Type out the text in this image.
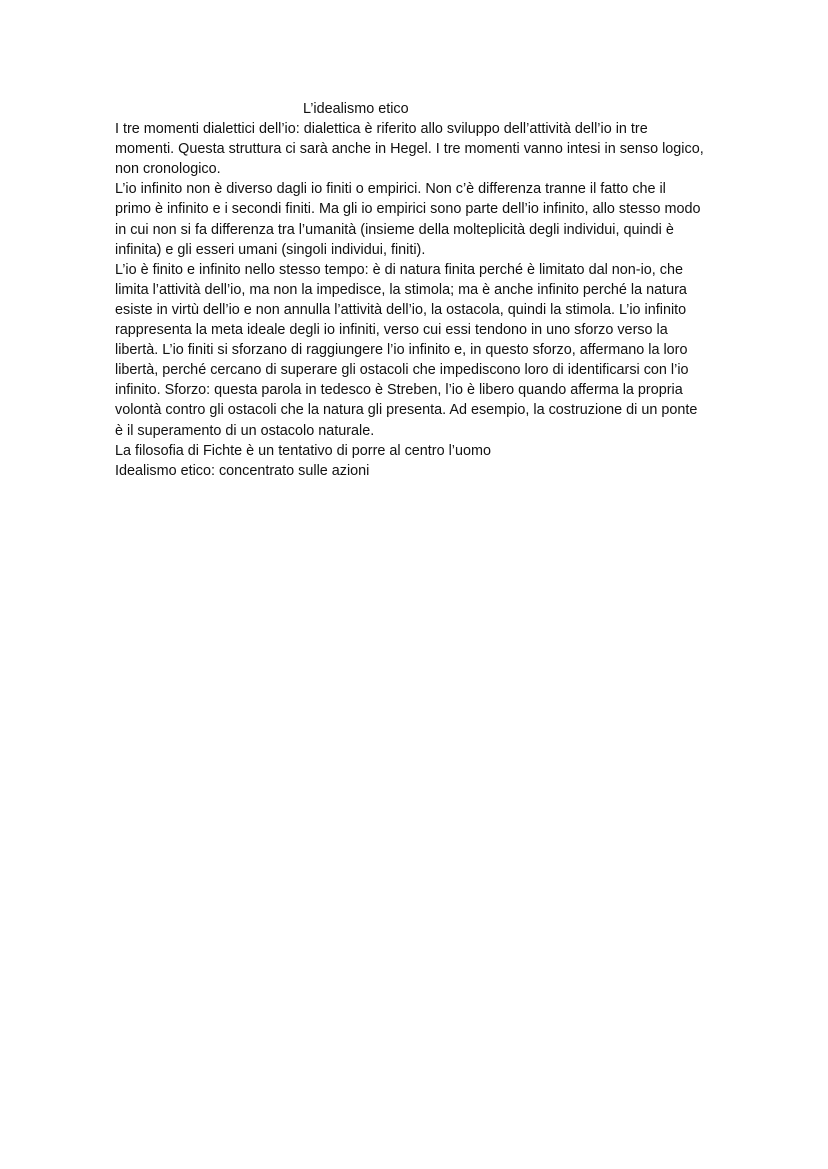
L’idealismo etico
I tre momenti dialettici dell’io: dialettica è riferito allo sviluppo dell’attività dell’io in tre
momenti. Questa struttura ci sarà anche in Hegel. I tre momenti vanno intesi in senso logico,
non cronologico.
L’io infinito non è diverso dagli io finiti o empirici. Non c’è differenza tranne il fatto che il
primo è infinito e i secondi finiti. Ma gli io empirici sono parte dell’io infinito, allo stesso modo
in cui non si fa differenza tra l’umanità (insieme della molteplicità degli individui, quindi è
infinita) e gli esseri umani (singoli individui, finiti).
L’io è finito e infinito nello stesso tempo: è di natura finita perché è limitato dal non-io, che
limita l’attività dell’io, ma non la impedisce, la stimola; ma è anche infinito perché la natura
esiste in virtù dell’io e non annulla l’attività dell’io, la ostacola, quindi la stimola. L’io infinito
rappresenta la meta ideale degli io infiniti, verso cui essi tendono in uno sforzo verso la
libertà. L’io finiti si sforzano di raggiungere l’io infinito e, in questo sforzo, affermano la loro
libertà, perché cercano di superare gli ostacoli che impediscono loro di identificarsi con l’io
infinito. Sforzo: questa parola in tedesco è Streben, l’io è libero quando afferma la propria
volontà contro gli ostacoli che la natura gli presenta. Ad esempio, la costruzione di un ponte
è il superamento di un ostacolo naturale.
La filosofia di Fichte è un tentativo di porre al centro l’uomo
Idealismo etico: concentrato sulle azioni
